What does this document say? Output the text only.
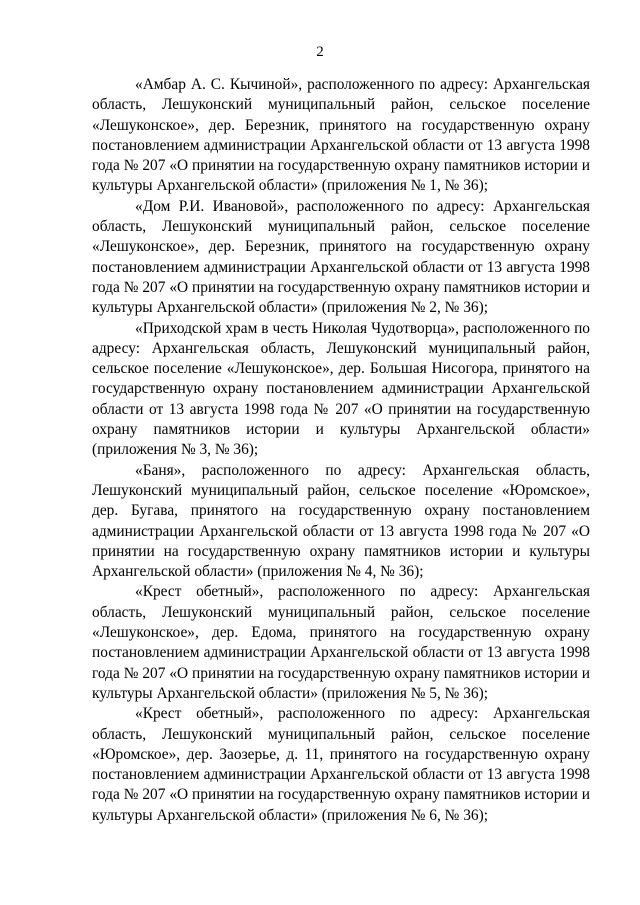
2

«Амбар А. С. Кычиной», расположенного по адресу: Архангельская область, Лешуконский муниципальный район, сельское поселение «Лешуконское», дер. Березник, принятого на государственную охрану постановлением администрации Архангельской области от 13 августа 1998 года № 207 «О принятии на государственную охрану памятников истории и культуры Архангельской области» (приложения № 1, № 36);

«Дом Р.И. Ивановой», расположенного по адресу: Архангельская область, Лешуконский муниципальный район, сельское поселение «Лешуконское», дер. Березник, принятого на государственную охрану постановлением администрации Архангельской области от 13 августа 1998 года № 207 «О принятии на государственную охрану памятников истории и культуры Архангельской области» (приложения № 2, № 36);

«Приходской храм в честь Николая Чудотворца», расположенного по адресу: Архангельская область, Лешуконский муниципальный район, сельское поселение «Лешуконское», дер. Большая Нисогора, принятого на государственную охрану постановлением администрации Архангельской области от 13 августа 1998 года № 207 «О принятии на государственную охрану памятников истории и культуры Архангельской области» (приложения № 3, № 36);

«Баня», расположенного по адресу: Архангельская область, Лешуконский муниципальный район, сельское поселение «Юромское», дер. Бугава, принятого на государственную охрану постановлением администрации Архангельской области от 13 августа 1998 года № 207 «О принятии на государственную охрану памятников истории и культуры Архангельской области» (приложения № 4, № 36);

«Крест обетный», расположенного по адресу: Архангельская область, Лешуконский муниципальный район, сельское поселение «Лешуконское», дер. Едома, принятого на государственную охрану постановлением администрации Архангельской области от 13 августа 1998 года № 207 «О принятии на государственную охрану памятников истории и культуры Архангельской области» (приложения № 5, № 36);

«Крест обетный», расположенного по адресу: Архангельская область, Лешуконский муниципальный район, сельское поселение «Юромское», дер. Заозерье, д. 11, принятого на государственную охрану постановлением администрации Архангельской области от 13 августа 1998 года № 207 «О принятии на государственную охрану памятников истории и культуры Архангельской области» (приложения № 6, № 36);
